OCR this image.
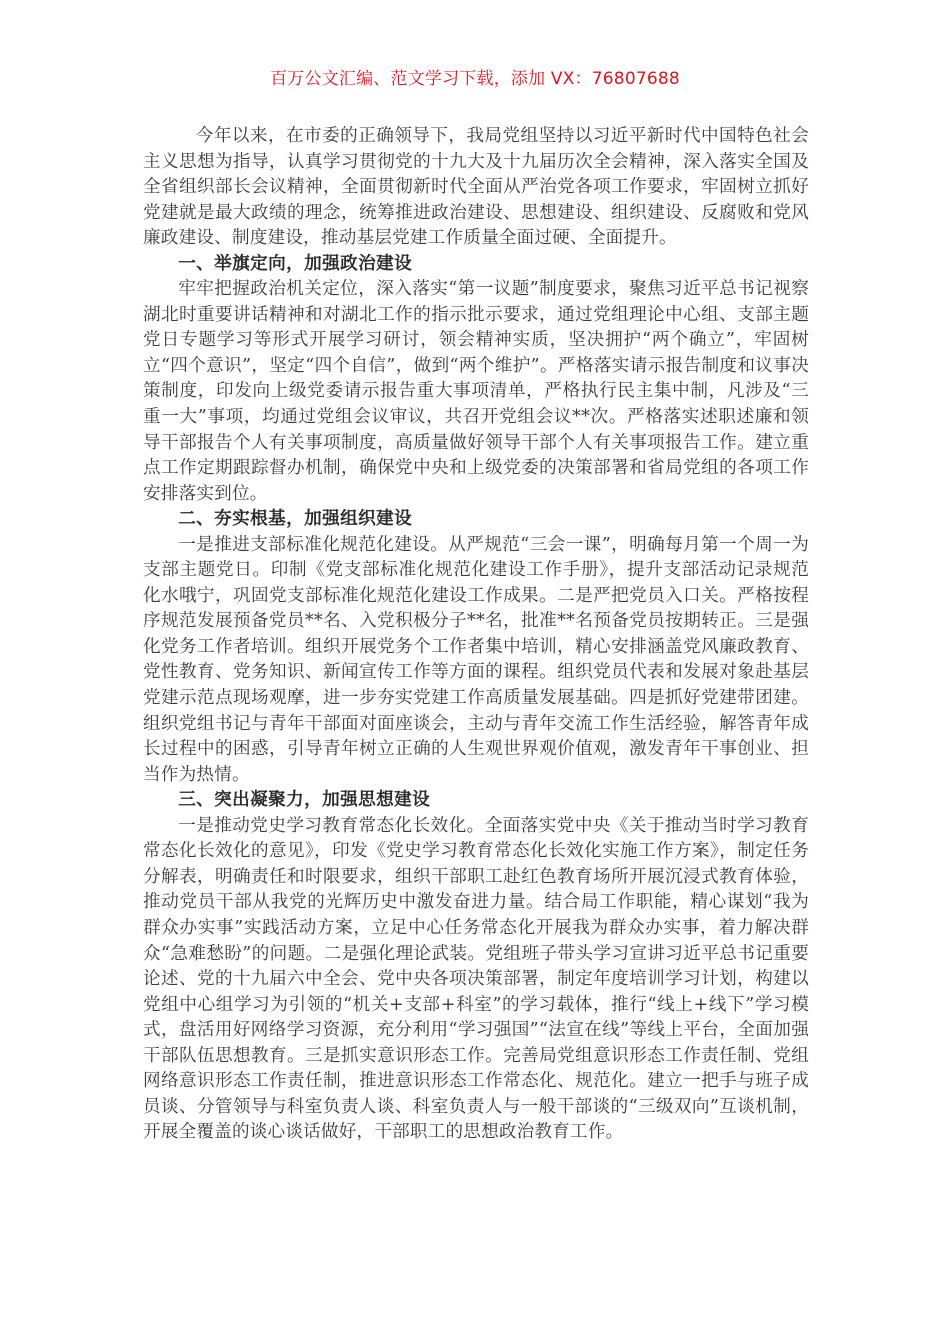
百万公文汇编、范文学习下载，添加 VX：76807688

今年以来，在市委的正确领导下，我局党组坚持以习近平新时代中国特色社会主义思想为指导，认真学习贯彻党的十九大及十九届历次全会精神，深入落实全国及全省组织部长会议精神，全面贯彻新时代全面从严治党各项工作要求，牢固树立抓好党建就是最大政绩的理念，统筹推进政治建设、思想建设、组织建设、反腐败和党风廉政建设、制度建设，推动基层党建工作质量全面过硬、全面提升。

一、举旗定向，加强政治建设

牢牢把握政治机关定位，深入落实“第一议题”制度要求，聚焦习近平总书记视察湖北时重要讲话精神和对湖北工作的指示批示要求，通过党组理论中心组、支部主题党日专题学习等形式开展学习研讨，领会精神实质，坚决拥护“两个确立”，牢固树立“四个意识”，坚定“四个自信”，做到“两个维护”。严格落实请示报告制度和议事决策制度，印发向上级党委请示报告重大事项清单，严格执行民主集中制，凡涉及“三重一大”事项，均通过党组会议审议，共召开党组会议**次。严格落实述职述廉和领导干部报告个人有关事项制度，高质量做好领导干部个人有关事项报告工作。建立重点工作定期跟踪督办机制，确保党中央和上级党委的决策部署和省局党组的各项工作安排落实到位。

二、夯实根基，加强组织建设

一是推进支部标准化规范化建设。从严规范“三会一课”，明确每月第一个周一为支部主题党日。印制《党支部标准化规范化建设工作手册》，提升支部活动记录规范化水哦宁，巩固党支部标准化规范化建设工作成果。二是严把党员入口关。严格按程序规范发展预备党员**名、入党积极分子**名，批准**名预备党员按期转正。三是强化党务工作者培训。组织开展党务个工作者集中培训，精心安排涵盖党风廉政教育、党性教育、党务知识、新闻宣传工作等方面的课程。组织党员代表和发展对象赴基层党建示范点现场观摩，进一步夯实党建工作高质量发展基础。四是抓好党建带团建。组织党组书记与青年干部面对面座谈会，主动与青年交流工作生活经验，解答青年成长过程中的困惑，引导青年树立正确的人生观世界观价值观，激发青年干事创业、担当作为热情。

三、突出凝聚力，加强思想建设

一是推动党史学习教育常态化长效化。全面落实党中央《关于推动当时学习教育常态化长效化的意见》，印发《党史学习教育常态化长效化实施工作方案》，制定任务分解表，明确责任和时限要求，组织干部职工赴红色教育场所开展沉浸式教育体验，推动党员干部从我党的光辉历史中激发奋进力量。结合局工作职能，精心谋划“我为群众办实事”实践活动方案，立足中心任务常态化开展我为群众办实事，着力解决群众“急难愁盼”的问题。二是强化理论武装。党组班子带头学习宣讲习近平总书记重要论述、党的十九届六中全会、党中央各项决策部署，制定年度培训学习计划，构建以党组中心组学习为引领的“机关+支部+科室”的学习载体，推行“线上+线下”学习模式，盘活用好网络学习资源，充分利用“学习强国”“法宣在线”等线上平台，全面加强干部队伍思想教育。三是抓实意识形态工作。完善局党组意识形态工作责任制、党组网络意识形态工作责任制，推进意识形态工作常态化、规范化。建立一把手与班子成员谈、分管领导与科室负责人谈、科室负责人与一般干部谈的“三级双向”互谈机制，开展全覆盖的谈心谈话做好，干部职工的思想政治教育工作。
